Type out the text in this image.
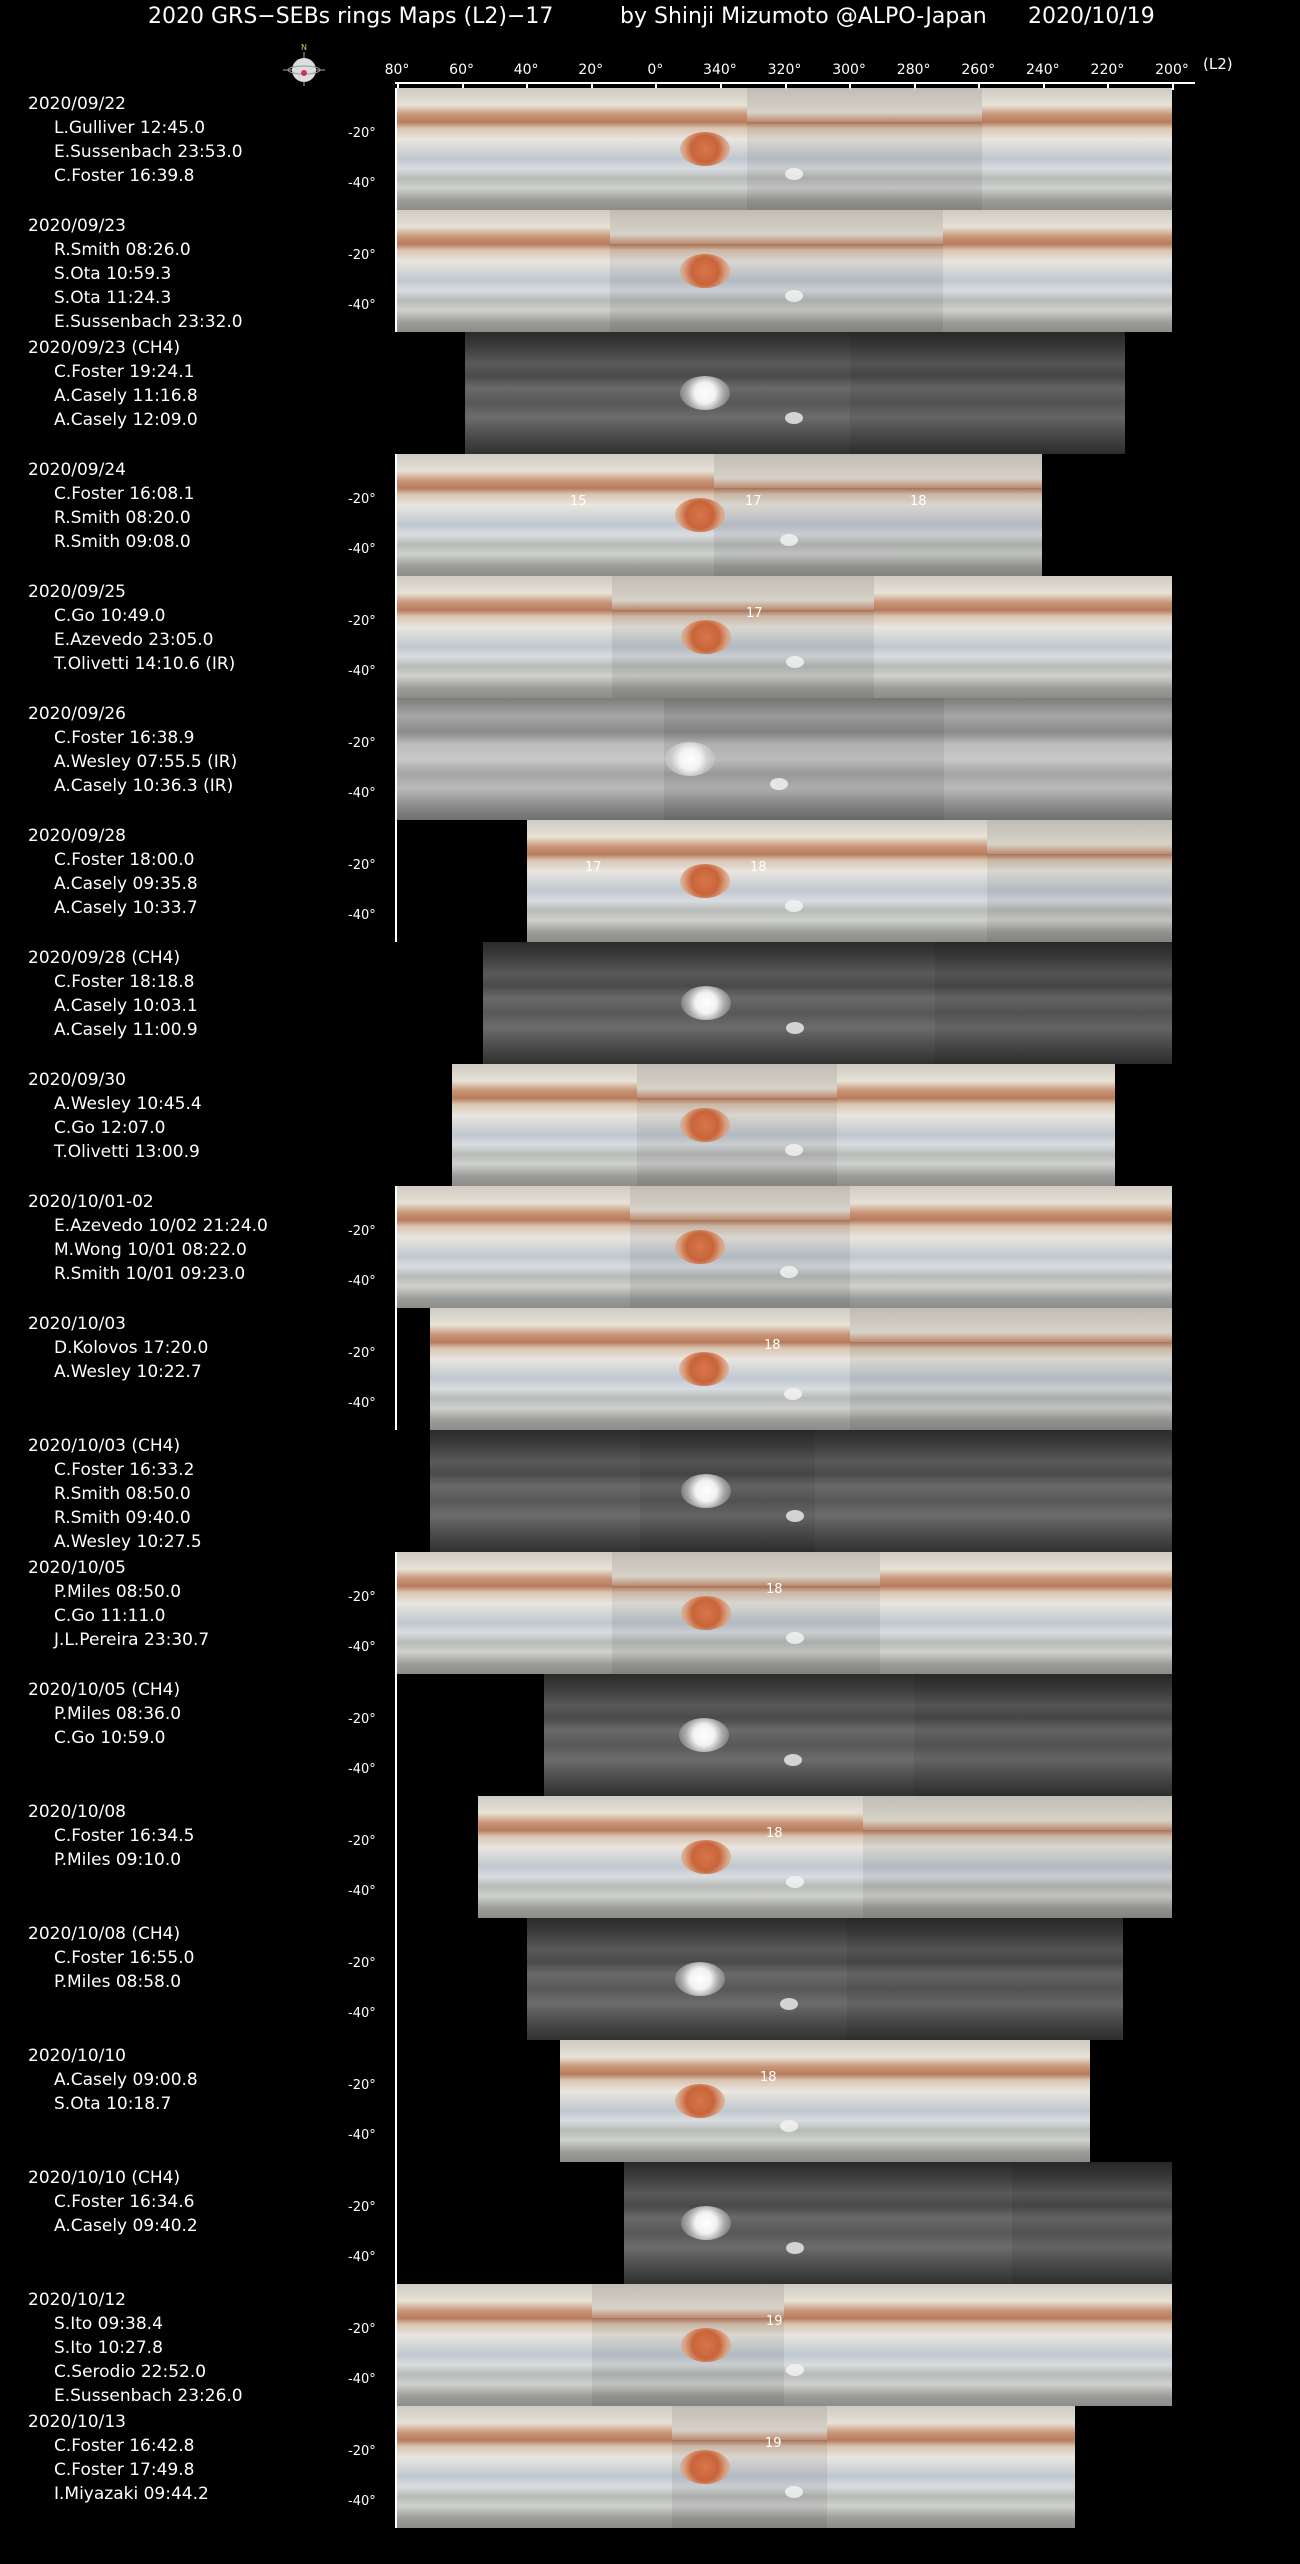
2020 GRS−SEBs rings Maps (L2)−17	by Shinji Mizumoto @ALPO-Japan 2020/10/19
N
80°	60°	40°	20°	0°	340° 320° 300° 280° 260° 240° 220° 200° (L2)
2020/09/22
L.Gulliver 12:45.0
E.Sussenbach 23:53.0
C.Foster 16:39.8
-20°
-40°
2020/09/23
R.Smith 08:26.0
S.Ota 10:59.3
S.Ota 11:24.3
E.Sussenbach 23:32.0
-20°
-40°
2020/09/23 (CH4)
C.Foster 19:24.1
A.Casely 11:16.8
A.Casely 12:09.0
2020/09/24
C.Foster 16:08.1
R.Smith 08:20.0
R.Smith 09:08.0
-20°
-40°
15	17	18
2020/09/25
C.Go 10:49.0
E.Azevedo 23:05.0
T.Olivetti 14:10.6 (IR)
-20°
-40°
17
2020/09/26
C.Foster 16:38.9
A.Wesley 07:55.5 (IR)
A.Casely 10:36.3 (IR)
-20°
-40°
2020/09/28
C.Foster 18:00.0
A.Casely 09:35.8
A.Casely 10:33.7
-20°
-40°
17	18
2020/09/28 (CH4)
C.Foster 18:18.8
A.Casely 10:03.1
A.Casely 11:00.9
2020/09/30
A.Wesley 10:45.4
C.Go 12:07.0
T.Olivetti 13:00.9
2020/10/01-02
E.Azevedo 10/02 21:24.0
M.Wong 10/01 08:22.0
R.Smith 10/01 09:23.0
-20°
-40°
2020/10/03
D.Kolovos 17:20.0
A.Wesley 10:22.7
-20°
-40°
18
2020/10/03 (CH4)
C.Foster 16:33.2
R.Smith 08:50.0
R.Smith 09:40.0
A.Wesley 10:27.5
2020/10/05
P.Miles 08:50.0
C.Go 11:11.0
J.L.Pereira 23:30.7
-20°
-40°
18
2020/10/05 (CH4)
P.Miles 08:36.0
C.Go 10:59.0
-20°
-40°
2020/10/08
C.Foster 16:34.5
P.Miles 09:10.0
-20°
-40°
18
2020/10/08 (CH4)
C.Foster 16:55.0
P.Miles 08:58.0
-20°
-40°
2020/10/10
A.Casely 09:00.8
S.Ota 10:18.7
-20°
-40°
18
2020/10/10 (CH4)
C.Foster 16:34.6
A.Casely 09:40.2
-20°
-40°
2020/10/12
S.Ito 09:38.4
S.Ito 10:27.8
C.Serodio 22:52.0
E.Sussenbach 23:26.0
-20°
-40°
19
2020/10/13
C.Foster 16:42.8
C.Foster 17:49.8
I.Miyazaki 09:44.2
-20°
-40°
19
